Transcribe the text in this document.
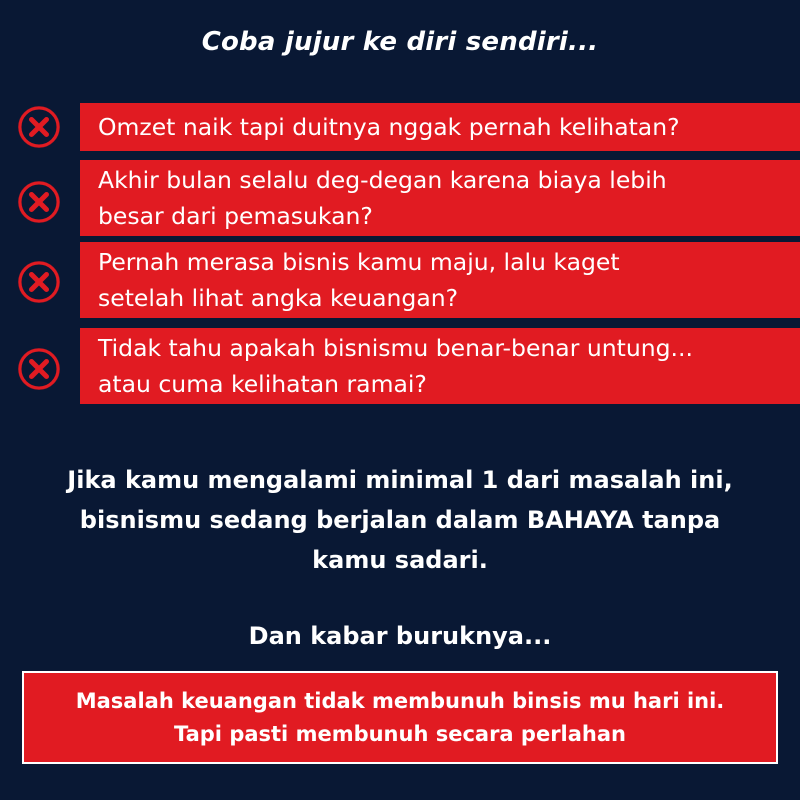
Coba jujur ke diri sendiri...
Omzet naik tapi duitnya nggak pernah kelihatan?
Akhir bulan selalu deg-degan karena biaya lebih
besar dari pemasukan?
Pernah merasa bisnis kamu maju, lalu kaget
setelah lihat angka keuangan?
Tidak tahu apakah bisnismu benar-benar untung...
atau cuma kelihatan ramai?
Jika kamu mengalami minimal 1 dari masalah ini,
bisnismu sedang berjalan dalam BAHAYA tanpa
kamu sadari.
Dan kabar buruknya...
Masalah keuangan tidak membunuh binsis mu hari ini.
Tapi pasti membunuh secara perlahan
